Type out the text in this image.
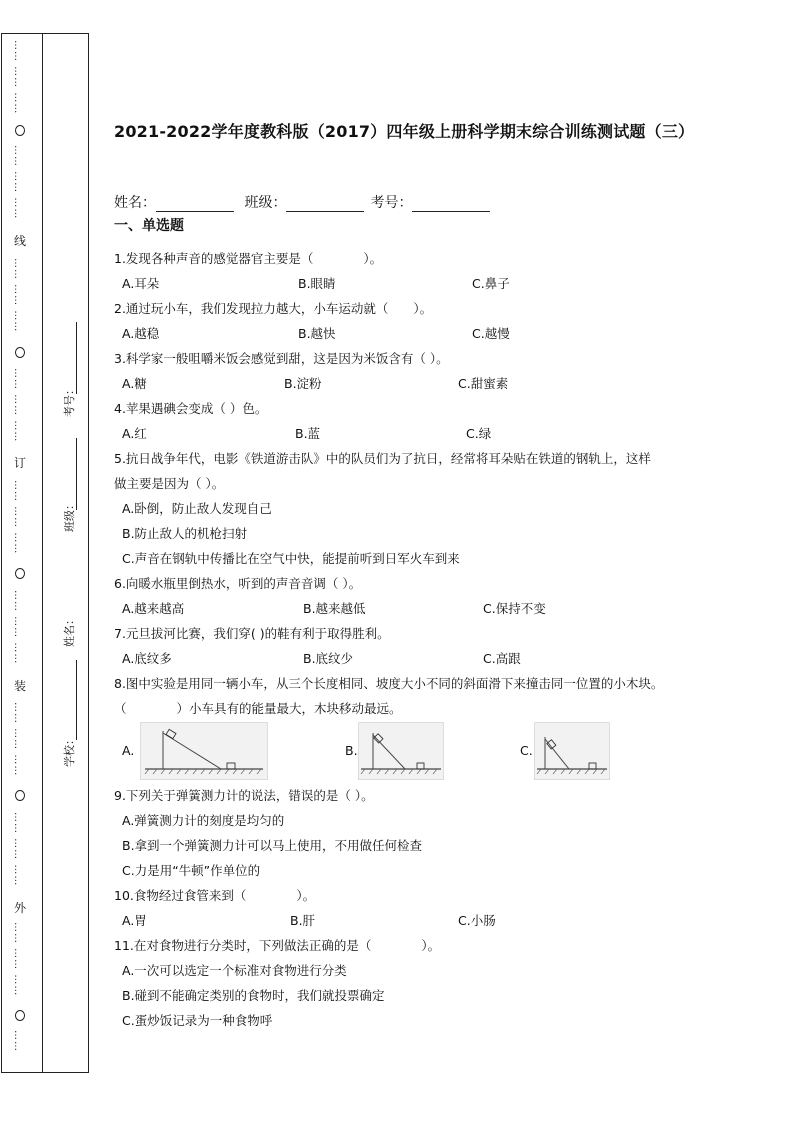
…… …… ……
…… …… ……
线
…… …… ……
…… …… ……
订
…… …… ……
…… …… ……
装
…… …… ……
…… …… ……
外
…… …… ……
……
考号：
班级：
姓名：
学校：
2021-2022学年度教科版（2017）四年级上册科学期末综合训练测试题（三）
姓名：	班级：	考号：
一、单选题
1.发现各种声音的感觉器官主要是（　　　　）。
A.耳朵	B.眼睛	C.鼻子
2.通过玩小车，我们发现拉力越大，小车运动就（　　）。
A.越稳	B.越快	C.越慢
3.科学家一般咀嚼米饭会感觉到甜，这是因为米饭含有（ ）。
A.糖	B.淀粉	C.甜蜜素
4.苹果遇碘会变成（ ）色。
A.红	B.蓝	C.绿
5.抗日战争年代，电影《铁道游击队》中的队员们为了抗日，经常将耳朵贴在铁道的钢轨上，这样
做主要是因为（ ）。
A.卧倒，防止敌人发现自己
B.防止敌人的机枪扫射
C.声音在钢轨中传播比在空气中快，能提前听到日军火车到来
6.向暖水瓶里倒热水，听到的声音音调（ ）。
A.越来越高	B.越来越低	C.保持不变
7.元旦拔河比赛，我们穿( )的鞋有利于取得胜利。
A.底纹多	B.底纹少	C.高跟
8.图中实验是用同一辆小车，从三个长度相同、坡度大小不同的斜面滑下来撞击同一位置的小木块。
（　　　　）小车具有的能量最大，木块移动最远。
A.	B.	C.
9.下列关于弹簧测力计的说法，错误的是（ ）。
A.弹簧测力计的刻度是均匀的
B.拿到一个弹簧测力计可以马上使用，不用做任何检查
C.力是用“牛顿”作单位的
10.食物经过食管来到（　　　　）。
A.胃	B.肝	C.小肠
11.在对食物进行分类时，下列做法正确的是（　　　　）。
A.一次可以选定一个标准对食物进行分类
B.碰到不能确定类别的食物时，我们就投票确定
C.蛋炒饭记录为一种食物呼
